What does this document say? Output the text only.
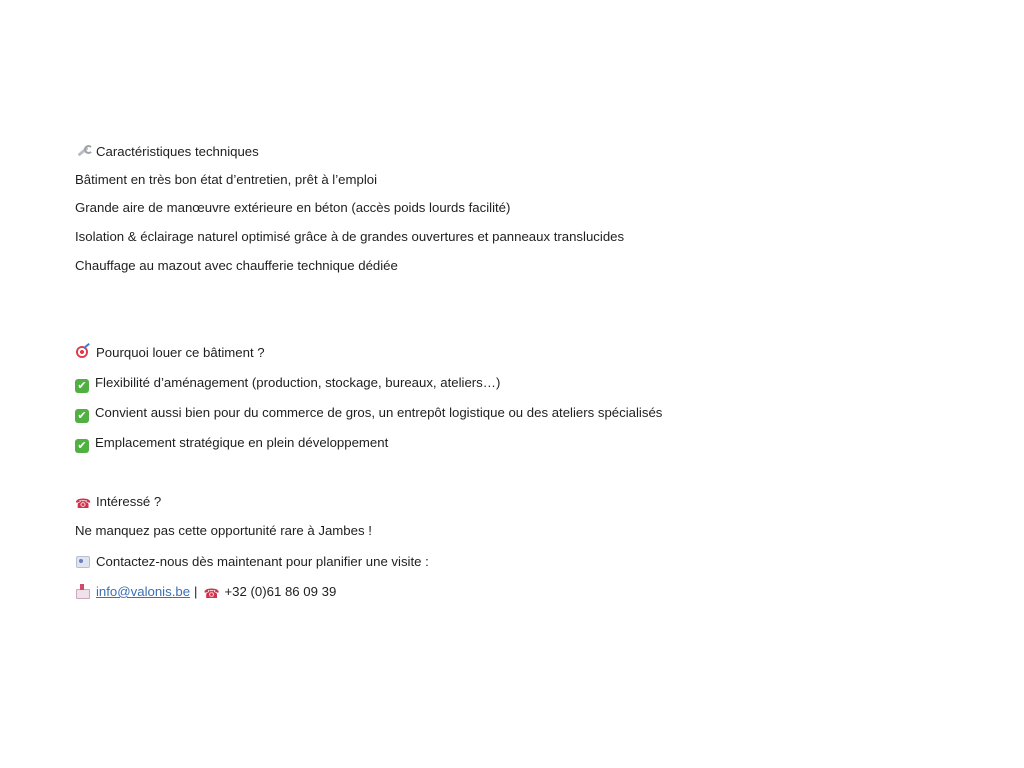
Caractéristiques techniques
Bâtiment en très bon état d’entretien, prêt à l’emploi
Grande aire de manœuvre extérieure en béton (accès poids lourds facilité)
Isolation & éclairage naturel optimisé grâce à de grandes ouvertures et panneaux translucides
Chauffage au mazout avec chaufferie technique dédiée
Pourquoi louer ce bâtiment ?
✔ Flexibilité d’aménagement (production, stockage, bureaux, ateliers…)
✔ Convient aussi bien pour du commerce de gros, un entrepôt logistique ou des ateliers spécialisés
✔ Emplacement stratégique en plein développement
☎ Intéressé ?
Ne manquez pas cette opportunité rare à Jambes !
Contactez-nous dès maintenant pour planifier une visite :
info@valonis.be | ☎ +32 (0)61 86 09 39
